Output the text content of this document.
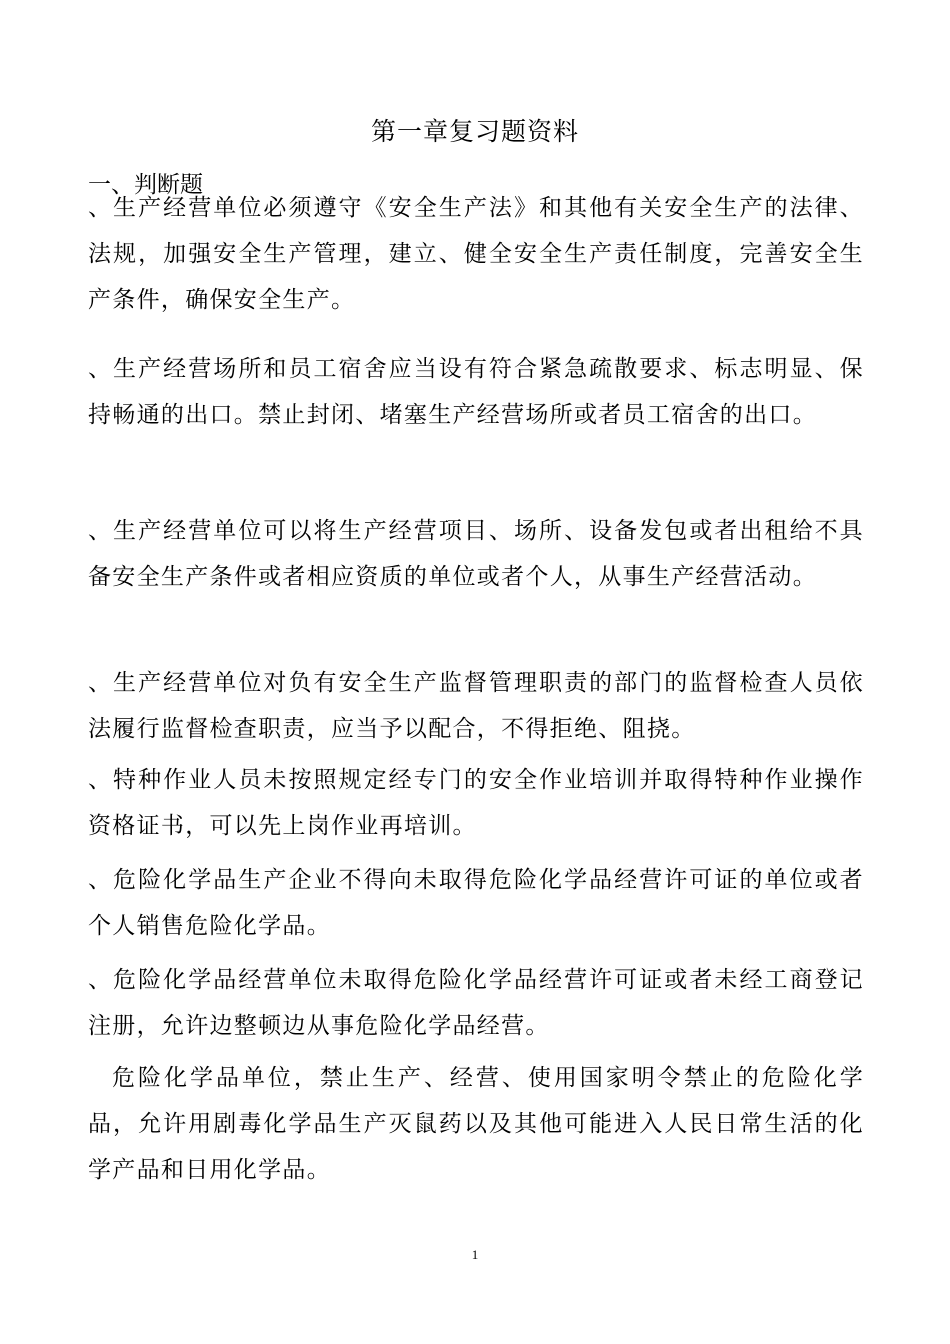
第一章复习题资料
一、判断题

、生产经营单位必须遵守《安全生产法》和其他有关安全生产的法律、法规，加强安全生产管理，建立、健全安全生产责任制度，完善安全生产条件，确保安全生产。

、生产经营场所和员工宿舍应当设有符合紧急疏散要求、标志明显、保持畅通的出口。禁止封闭、堵塞生产经营场所或者员工宿舍的出口。

、生产经营单位可以将生产经营项目、场所、设备发包或者出租给不具备安全生产条件或者相应资质的单位或者个人，从事生产经营活动。

、生产经营单位对负有安全生产监督管理职责的部门的监督检查人员依法履行监督检查职责，应当予以配合，不得拒绝、阻挠。

、特种作业人员未按照规定经专门的安全作业培训并取得特种作业操作资格证书，可以先上岗作业再培训。

、危险化学品生产企业不得向未取得危险化学品经营许可证的单位或者个人销售危险化学品。

、危险化学品经营单位未取得危险化学品经营许可证或者未经工商登记注册，允许边整顿边从事危险化学品经营。

危险化学品单位，禁止生产、经营、使用国家明令禁止的危险化学品，允许用剧毒化学品生产灭鼠药以及其他可能进入人民日常生活的化学产品和日用化学品。

1
